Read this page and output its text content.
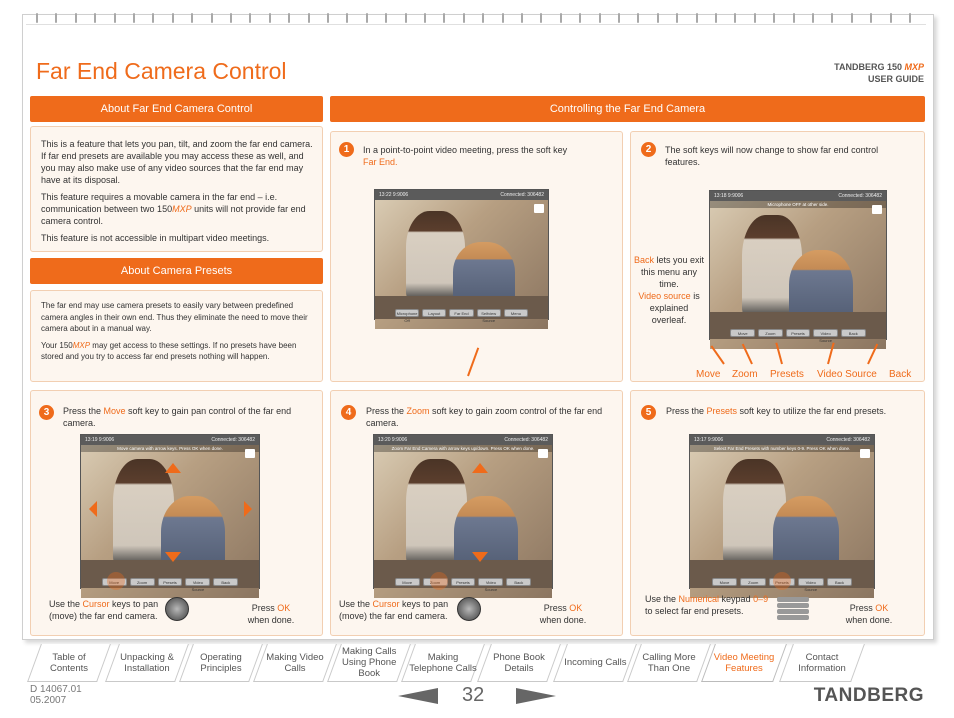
Far End Camera Control	TANDBERG 150 MXP
USER GUIDE
About Far End Camera Control

This is a feature that lets you pan, tilt, and zoom the far end camera. If far end presets are available you may access these as well, and you may also make use of any video sources that the far end may have at its disposal.

This feature requires a movable camera in the far end – i.e. communication between two 150MXP units will not provide far end camera control.

This feature is not accessible in multipart video meetings.

About Camera Presets

The far end may use camera presets to easily vary between predefined camera angles in their own end. Thus they eliminate the need to move their camera about in a manual way.

Your 150MXP may get access to these settings. If no presets have been stored and you try to access far end presets nothing will happen.

Controlling the Far End Camera
1	In a point-to-point video meeting, press the soft key
Far End.
13:22 9:9006	Connected: 306482
Microphone Off
Layout	Far End	Selfview Source
Menu
2	The soft keys will now change to show far end control features.
Back lets you exit this menu any time.
Video source is explained overleaf.
13:18 9:9006	Connected: 306482
Microphone OFF at other side.
Move	Zoom	Presets	Video Source
Back
Move Zoom Presets Video Source Back
3	Press the Move soft key to gain pan control of the far end camera.
13:19 9:9006	Connected: 306482
Move camera with arrow keys. Press OK when done.
Move	Zoom	Presets	Video Source
Back
Use the Cursor keys to pan (move) the far end camera.
Press OK
when done.
4	Press the Zoom soft key to gain zoom control of the far end camera.
13:20 9:9006	Connected: 306482
Zoom Far End Camera with arrow keys up/down. Press OK when done.
Move	Zoom	Presets	Video Source
Back
Use the Cursor keys to pan (move) the far end camera.
Press OK
when done.
5	Press the Presets soft key to utilize the far end presets.
13:17 9:9006	Connected: 306482
Select Far End Presets with number keys 0-9. Press OK when done.
Move	Zoom	Presets	Video Source
Back
Use the Numerical keypad 0–9 to select far end presets.	Press OK
when done.
Table of Contents
Unpacking & Installation
Operating Principles
Making Video Calls
Making Calls Using Phone Book
Making Telephone Calls
Phone Book Details	Incoming Calls	Calling More Than One
Video Meeting Features
Contact Information
D 14067.01
05.2007	32	TANDBERG
